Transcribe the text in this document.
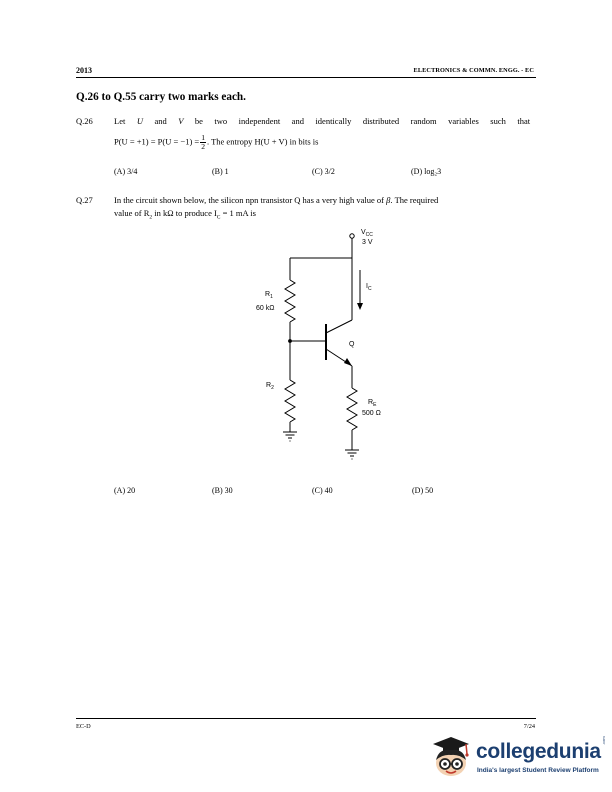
2013	ELECTRONICS & COMMN. ENGG. - EC
Q.26 to Q.55 carry two marks each.
Q.26 Let U and V be two independent and identically distributed random variables such that
$P(U = +1) = P(U = -1) = \frac{1}{2}$ . The entropy H(U + V) in bits is
(A) 3/4	(B) 1	(C) 3/2	(D) log₂3
Q.27 In the circuit shown below, the silicon npn transistor Q has a very high value of β. The required
value of $R_2$ in kΩ to produce $I_C = 1$ mA is
$V_{CC}$
3 V
$I_C$
$R_1$
60 kΩ
$R_2$
$R_E$
500 Ω
Q
(A) 20	(B) 30	(C) 40	(D) 50
EC-D	7/24
collegedunia .com
India's largest Student Review Platform
